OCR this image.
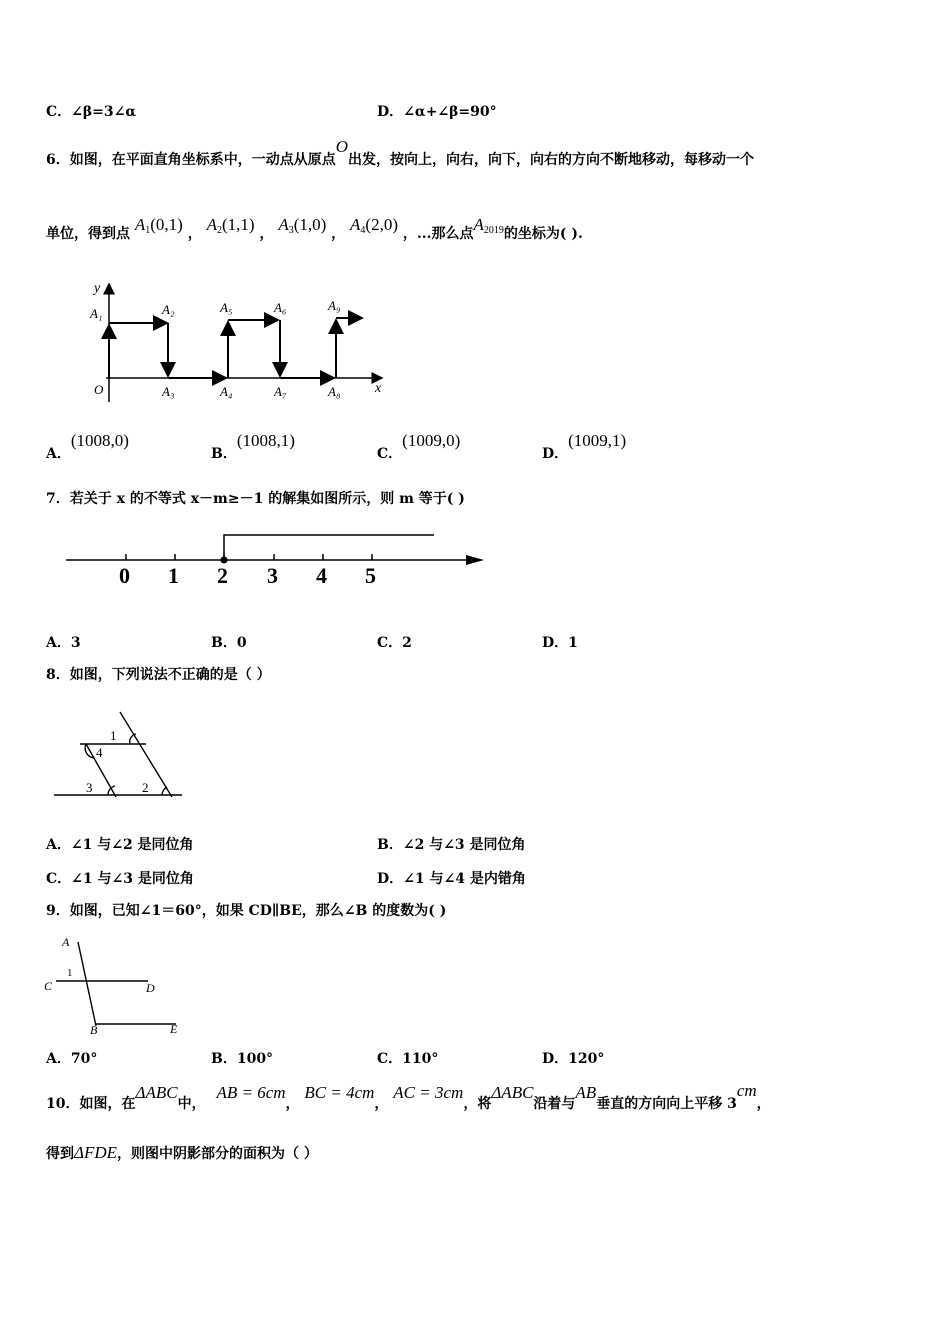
C．∠β=3∠α	D．∠α+∠β=90°
6．如图，在平面直角坐标系中，一动点从原点O出发，按向上，向右，向下，向右的方向不断地移动，每移动一个
单位，得到点 $A_1(0,1)$ ， $A_2(1,1)$ ， $A_3(1,0)$ ， $A_4(2,0)$ ，...那么点$A_{2019}$的坐标为( ).
y
x
O
A₁	A₂
A₃	A₄
A₅	A₆
A₇	A₈
A₉
A．(1008,0)
B．(1008,1)
C．(1009,0)
D．(1009,1)
7．若关于 x 的不等式 x－m≥－1 的解集如图所示，则 m 等于( )
0 1 2 3 4 5
A．3	B．0	C．2	D．1
8．如图，下列说法不正确的是（ ）
1
4
3	2
A．∠1 与∠2 是同位角	B．∠2 与∠3 是同位角
C．∠1 与∠3 是同位角	D．∠1 与∠4 是内错角
9．如图，已知∠1＝60°，如果 CD∥BE，那么∠B 的度数为( )
A
1
C	D
B	E
A．70°	B．100°	C．110°	D．120°
10．如图，在ΔABC中， AB = 6cm， BC = 4cm， AC = 3cm，将ΔABC沿着与AB垂直的方向向上平移 3cm，
得到ΔFDE，则图中阴影部分的面积为（ ）
